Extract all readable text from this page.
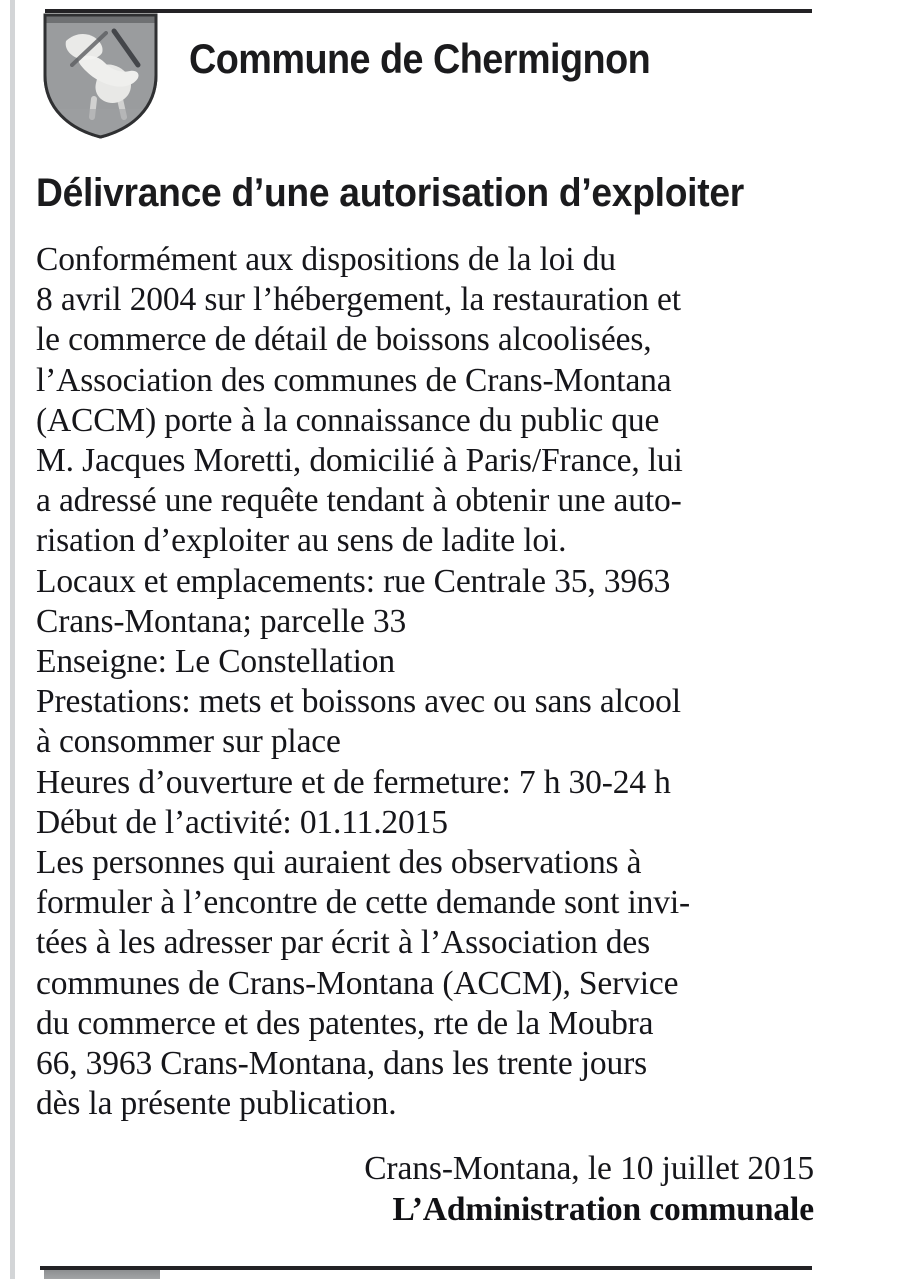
Commune de Chermignon
Délivrance d’une autorisation d’exploiter
Conformément aux dispositions de la loi du
8 avril 2004 sur l’hébergement, la restauration et
le commerce de détail de boissons alcoolisées,
l’Association des communes de Crans-Montana
(ACCM) porte à la connaissance du public que
M. Jacques Moretti, domicilié à Paris/France, lui
a adressé une requête tendant à obtenir une auto-
risation d’exploiter au sens de ladite loi.
Locaux et emplacements: rue Centrale 35, 3963
Crans-Montana; parcelle 33
Enseigne: Le Constellation
Prestations: mets et boissons avec ou sans alcool
à consommer sur place
Heures d’ouverture et de fermeture: 7 h 30-24 h
Début de l’activité: 01.11.2015
Les personnes qui auraient des observations à
formuler à l’encontre de cette demande sont invi-
tées à les adresser par écrit à l’Association des
communes de Crans-Montana (ACCM), Service
du commerce et des patentes, rte de la Moubra
66, 3963 Crans-Montana, dans les trente jours
dès la présente publication.
Crans-Montana, le 10 juillet 2015
L’Administration communale
